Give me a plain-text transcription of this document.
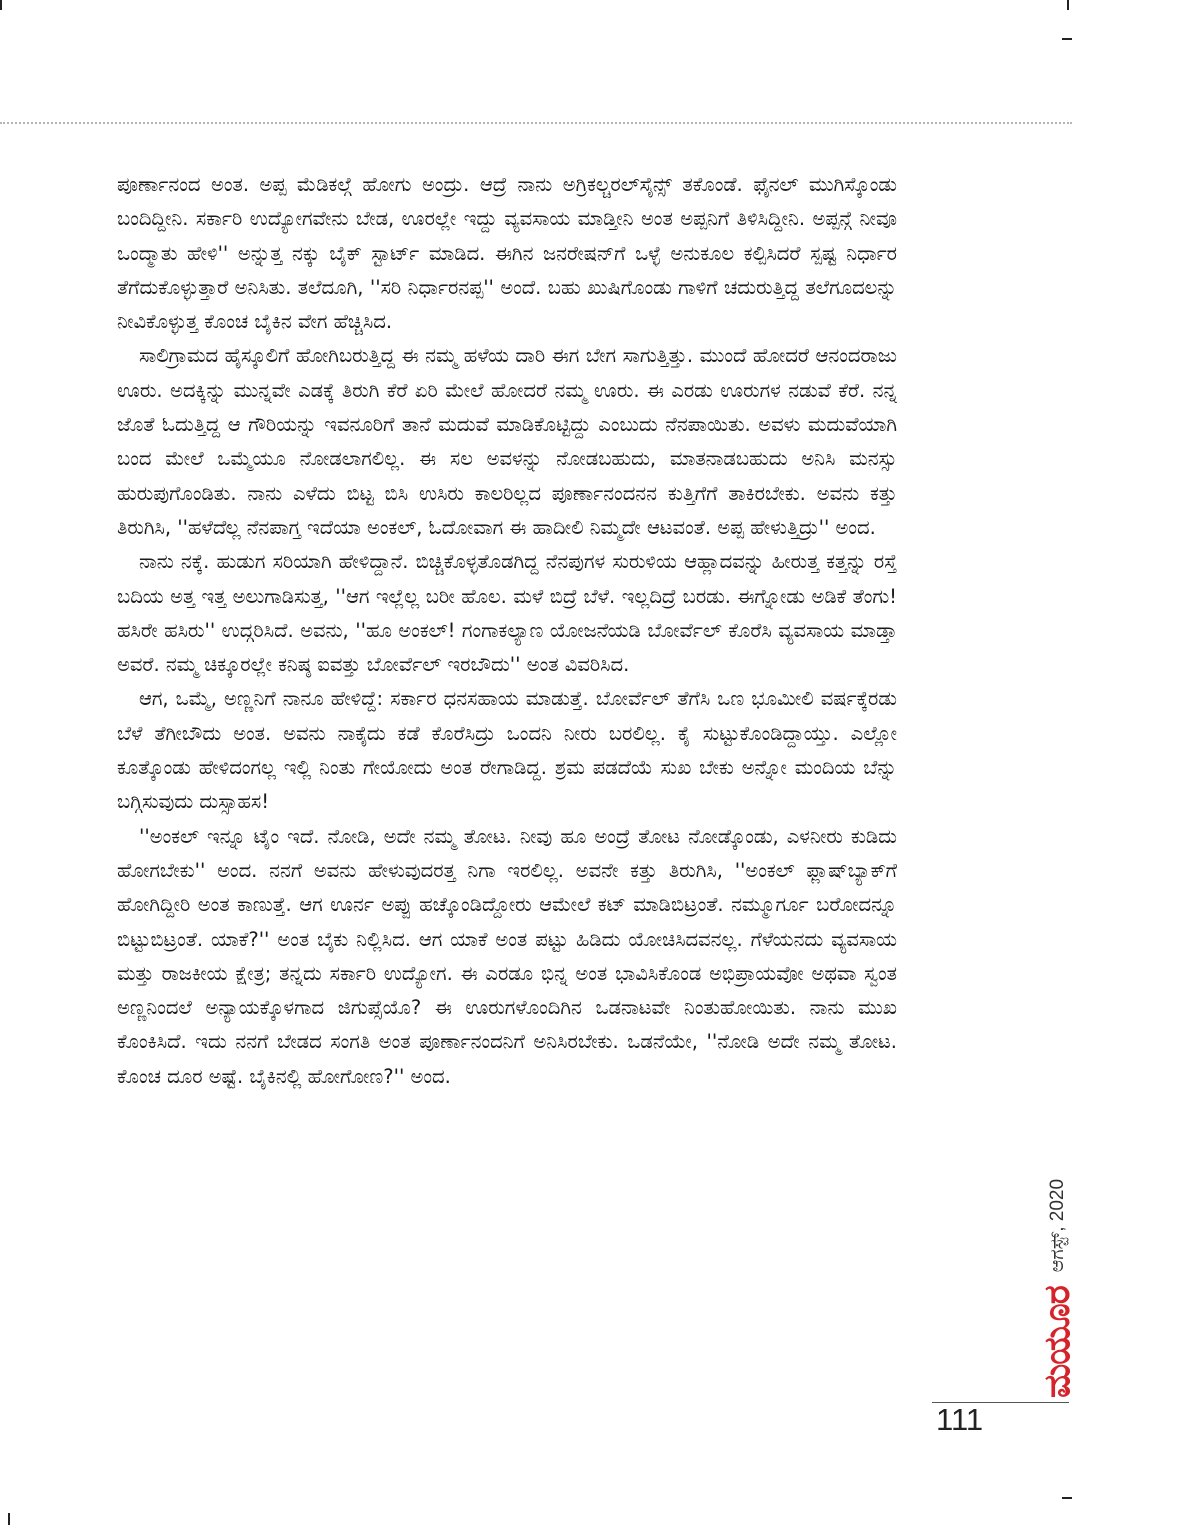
ಪೂರ್ಣಾನಂದ ಅಂತ. ಅಪ್ಪ ಮೆಡಿಕಲ್ಗೆ ಹೋಗು ಅಂದ್ರು. ಆದ್ರೆ ನಾನು ಅಗ್ರಿಕಲ್ಚರಲ್‌ಸೈನ್ಸ್ ತಕೊಂಡೆ. ಫೈನಲ್ ಮುಗಿಸ್ಕೊಂಡು ಬಂದಿದ್ದೀನಿ. ಸರ್ಕಾರಿ ಉದ್ಯೋಗವೇನು ಬೇಡ, ಊರಲ್ಲೇ ಇದ್ದು ವ್ಯವಸಾಯ ಮಾಡ್ತೀನಿ ಅಂತ ಅಪ್ಪನಿಗೆ ತಿಳಿಸಿದ್ದೀನಿ. ಅಪ್ಪನ್ಗೆ ನೀವೂ ಒಂದ್ಮಾತು ಹೇಳಿ'' ಅನ್ನುತ್ತ ನಕ್ಕು ಬೈಕ್ ಸ್ಟಾರ್ಟ್ ಮಾಡಿದ. ಈಗಿನ ಜನರೇಷನ್‌ಗೆ ಒಳ್ಳೆ ಅನುಕೂಲ ಕಲ್ಪಿಸಿದರೆ ಸ್ಪಷ್ಟ ನಿರ್ಧಾರ ತೆಗೆದುಕೊಳ್ಳುತ್ತಾರೆ ಅನಿಸಿತು. ತಲೆದೂಗಿ, ''ಸರಿ ನಿರ್ಧಾರನಪ್ಪ'' ಅಂದೆ. ಬಹು ಖುಷಿಗೊಂಡು ಗಾಳಿಗೆ ಚದುರುತ್ತಿದ್ದ ತಲೆಗೂದಲನ್ನು ನೀವಿಕೊಳ್ಳುತ್ತ ಕೊಂಚ ಬೈಕಿನ ವೇಗ ಹೆಚ್ಚಿಸಿದ.

ಸಾಲಿಗ್ರಾಮದ ಹೈಸ್ಕೂಲಿಗೆ ಹೋಗಿಬರುತ್ತಿದ್ದ ಈ ನಮ್ಮ ಹಳೆಯ ದಾರಿ ಈಗ ಬೇಗ ಸಾಗುತ್ತಿತ್ತು. ಮುಂದೆ ಹೋದರೆ ಆನಂದರಾಜು ಊರು. ಅದಕ್ಕಿನ್ನು ಮುನ್ನವೇ ಎಡಕ್ಕೆ ತಿರುಗಿ ಕೆರೆ ಏರಿ ಮೇಲೆ ಹೋದರೆ ನಮ್ಮ ಊರು. ಈ ಎರಡು ಊರುಗಳ ನಡುವೆ ಕೆರೆ. ನನ್ನ ಜೊತೆ ಓದುತ್ತಿದ್ದ ಆ ಗೌರಿಯನ್ನು ಇವನೂರಿಗೆ ತಾನೆ ಮದುವೆ ಮಾಡಿಕೊಟ್ಟಿದ್ದು ಎಂಬುದು ನೆನಪಾಯಿತು. ಅವಳು ಮದುವೆಯಾಗಿ ಬಂದ ಮೇಲೆ ಒಮ್ಮೆಯೂ ನೋಡಲಾಗಲಿಲ್ಲ. ಈ ಸಲ ಅವಳನ್ನು ನೋಡಬಹುದು, ಮಾತನಾಡಬಹುದು ಅನಿಸಿ ಮನಸ್ಸು ಹುರುಪುಗೊಂಡಿತು. ನಾನು ಎಳೆದು ಬಿಟ್ಟ ಬಿಸಿ ಉಸಿರು ಕಾಲರಿಲ್ಲದ ಪೂರ್ಣಾನಂದನನ ಕುತ್ತಿಗೆಗೆ ತಾಕಿರಬೇಕು. ಅವನು ಕತ್ತು ತಿರುಗಿಸಿ, ''ಹಳೆದೆಲ್ಲ ನೆನಪಾಗ್ತ ಇದೆಯಾ ಅಂಕಲ್, ಓದೋವಾಗ ಈ ಹಾದೀಲಿ ನಿಮ್ಮದೇ ಆಟವಂತೆ. ಅಪ್ಪ ಹೇಳುತ್ತಿದ್ರು'' ಅಂದ.

ನಾನು ನಕ್ಕೆ. ಹುಡುಗ ಸರಿಯಾಗಿ ಹೇಳಿದ್ದಾನೆ. ಬಿಚ್ಚಿಕೊಳ್ಳತೊಡಗಿದ್ದ ನೆನಪುಗಳ ಸುರುಳಿಯ ಆಹ್ಲಾದವನ್ನು ಹೀರುತ್ತ ಕತ್ತನ್ನು ರಸ್ತೆ ಬದಿಯ ಅತ್ತ ಇತ್ತ ಅಲುಗಾಡಿಸುತ್ತ, ''ಆಗ ಇಲ್ಲೆಲ್ಲ ಬರೀ ಹೊಲ. ಮಳೆ ಬಿದ್ರೆ ಬೆಳೆ. ಇಲ್ಲದಿದ್ರೆ ಬರಡು. ಈಗ್ನೋಡು ಅಡಿಕೆ ತೆಂಗು! ಹಸಿರೇ ಹಸಿರು'' ಉದ್ಗರಿಸಿದೆ. ಅವನು, ''ಹೂ ಅಂಕಲ್! ಗಂಗಾಕಲ್ಯಾಣ ಯೋಜನೆಯಡಿ ಬೋರ್ವೆಲ್ ಕೊರೆಸಿ ವ್ಯವಸಾಯ ಮಾಡ್ತಾ ಅವರೆ. ನಮ್ಮ ಚಿಕ್ಕೂರಲ್ಲೇ ಕನಿಷ್ಠ ಐವತ್ತು ಬೋರ್ವೆಲ್ ಇರಬೌದು'' ಅಂತ ವಿವರಿಸಿದ.

ಆಗ, ಒಮ್ಮೆ, ಅಣ್ಣನಿಗೆ ನಾನೂ ಹೇಳಿದ್ದೆ: ಸರ್ಕಾರ ಧನಸಹಾಯ ಮಾಡುತ್ತೆ. ಬೋರ್ವೆಲ್ ತೆಗೆಸಿ ಒಣ ಭೂಮೀಲಿ ವರ್ಷಕ್ಕೆರಡು ಬೆಳೆ ತೆಗೀಬೌದು ಅಂತ. ಅವನು ನಾಕೈದು ಕಡೆ ಕೊರೆಸಿದ್ರು ಒಂದನಿ ನೀರು ಬರಲಿಲ್ಲ. ಕೈ ಸುಟ್ಟುಕೊಂಡಿದ್ದಾಯ್ತು. ಎಲ್ಲೋ ಕೂತ್ಕೊಂಡು ಹೇಳಿದಂಗಲ್ಲ ಇಲ್ಲಿ ನಿಂತು ಗೇಯೋದು ಅಂತ ರೇಗಾಡಿದ್ದ. ಶ್ರಮ ಪಡದೆಯೆ ಸುಖ ಬೇಕು ಅನ್ನೋ ಮಂದಿಯ ಬೆನ್ನು ಬಗ್ಗಿಸುವುದು ದುಸ್ಸಾಹಸ!

''ಅಂಕಲ್ ಇನ್ನೂ ಟೈಂ ಇದೆ. ನೋಡಿ, ಅದೇ ನಮ್ಮ ತೋಟ. ನೀವು ಹೂ ಅಂದ್ರೆ ತೋಟ ನೋಡ್ಕೊಂಡು, ಎಳನೀರು ಕುಡಿದು ಹೋಗಬೇಕು'' ಅಂದ. ನನಗೆ ಅವನು ಹೇಳುವುದರತ್ತ ನಿಗಾ ಇರಲಿಲ್ಲ. ಅವನೇ ಕತ್ತು ತಿರುಗಿಸಿ, ''ಅಂಕಲ್ ಫ್ಲಾಷ್‌ಬ್ಯಾಕ್‌ಗೆ ಹೋಗಿದ್ದೀರಿ ಅಂತ ಕಾಣುತ್ತೆ. ಆಗ ಊರ್ನ ಅಪ್ಪು ಹಚ್ಕೊಂಡಿದ್ದೋರು ಆಮೇಲೆ ಕಟ್ ಮಾಡಿಬಿಟ್ರಂತೆ. ನಮ್ಮೂರ್ಗೂ ಬರೋದನ್ನೂ ಬಿಟ್ಟುಬಿಟ್ರಂತೆ. ಯಾಕೆ?'' ಅಂತ ಬೈಕು ನಿಲ್ಲಿಸಿದ. ಆಗ ಯಾಕೆ ಅಂತ ಪಟ್ಟು ಹಿಡಿದು ಯೋಚಿಸಿದವನಲ್ಲ. ಗೆಳೆಯನದು ವ್ಯವಸಾಯ ಮತ್ತು ರಾಜಕೀಯ ಕ್ಷೇತ್ರ; ತನ್ನದು ಸರ್ಕಾರಿ ಉದ್ಯೋಗ. ಈ ಎರಡೂ ಭಿನ್ನ ಅಂತ ಭಾವಿಸಿಕೊಂಡ ಅಭಿಪ್ರಾಯವೋ ಅಥವಾ ಸ್ವಂತ ಅಣ್ಣನಿಂದಲೆ ಅನ್ಯಾಯಕ್ಕೊಳಗಾದ ಜಿಗುಪ್ಸೆಯೊ? ಈ ಊರುಗಳೊಂದಿಗಿನ ಒಡನಾಟವೇ ನಿಂತುಹೋಯಿತು. ನಾನು ಮುಖ ಕೊಂಕಿಸಿದೆ. ಇದು ನನಗೆ ಬೇಡದ ಸಂಗತಿ ಅಂತ ಪೂರ್ಣಾನಂದನಿಗೆ ಅನಿಸಿರಬೇಕು. ಒಡನೆಯೇ, ''ನೋಡಿ ಅದೇ ನಮ್ಮ ತೋಟ. ಕೊಂಚ ದೂರ ಅಷ್ಟೆ. ಬೈಕಿನಲ್ಲಿ ಹೋಗೋಣ?'' ಅಂದ.

ಮಯೂರ
ಆಗಸ್ಟ್, 2020
111
